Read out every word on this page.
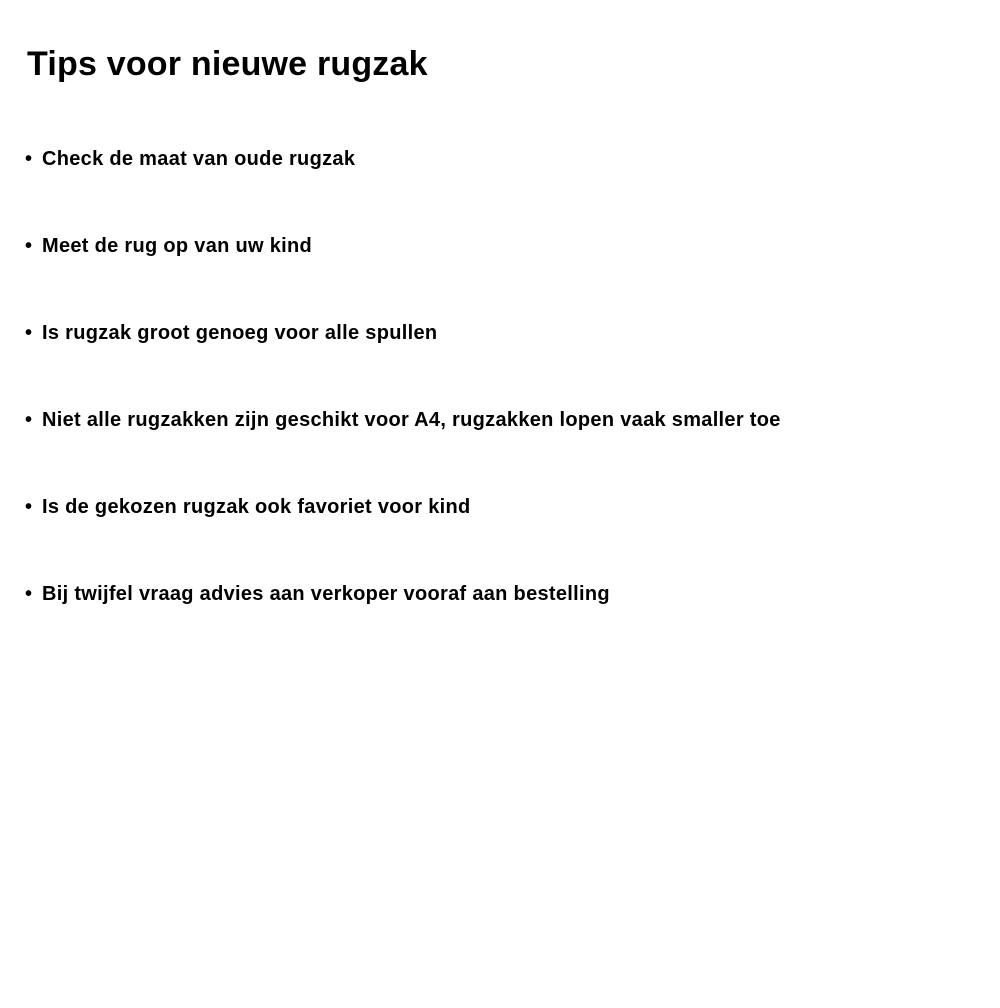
Tips voor nieuwe rugzak
• Check de maat van oude rugzak
• Meet de rug op van uw kind
• Is rugzak groot genoeg voor alle spullen
• Niet alle rugzakken zijn geschikt voor A4, rugzakken lopen vaak smaller toe
• Is de gekozen rugzak ook favoriet voor kind
• Bij twijfel vraag advies aan verkoper vooraf aan bestelling
